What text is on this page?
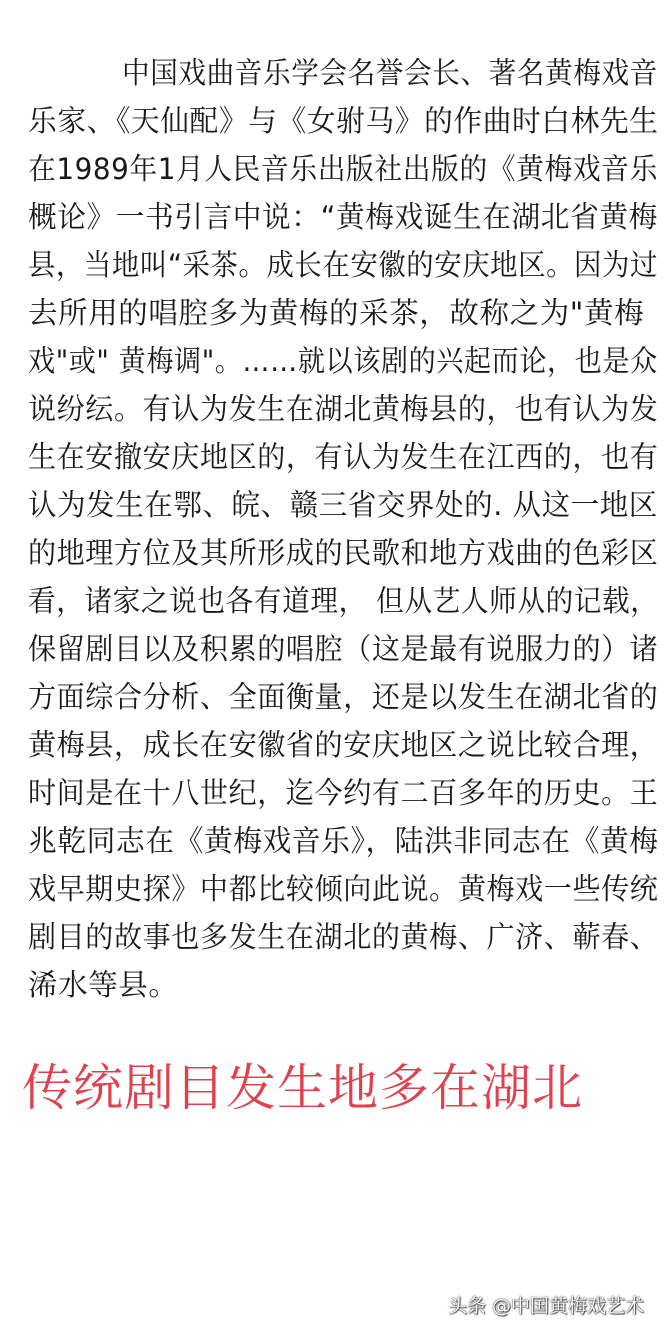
中国戏曲音乐学会名誉会长、著名黄梅戏音
乐家、《天仙配》与《女驸马》的作曲时白林先生
在1989年1月人民音乐出版社出版的《黄梅戏音乐
概论》一书引言中说：“黄梅戏诞生在湖北省黄梅
县，当地叫“采茶。成长在安徽的安庆地区。因为过
去所用的唱腔多为黄梅的采茶，故称之为"黄梅
戏"或" 黄梅调"。……就以该剧的兴起而论，也是众
说纷纭。有认为发生在湖北黄梅县的，也有认为发
生在安撤安庆地区的，有认为发生在江西的，也有
认为发生在鄂、皖、赣三省交界处的. 从这一地区
的地理方位及其所形成的民歌和地方戏曲的色彩区
看，诸家之说也各有道理， 但从艺人师从的记载，
保留剧目以及积累的唱腔（这是最有说服力的）诸
方面综合分析、全面衡量，还是以发生在湖北省的
黄梅县，成长在安徽省的安庆地区之说比较合理，
时间是在十八世纪，迄今约有二百多年的历史。王
兆乾同志在《黄梅戏音乐》，陆洪非同志在《黄梅
戏早期史探》中都比较倾向此说。黄梅戏一些传统
剧目的故事也多发生在湖北的黄梅、广济、蕲春、
浠水等县。
传统剧目发生地多在湖北
头条 @中国黄梅戏艺术
